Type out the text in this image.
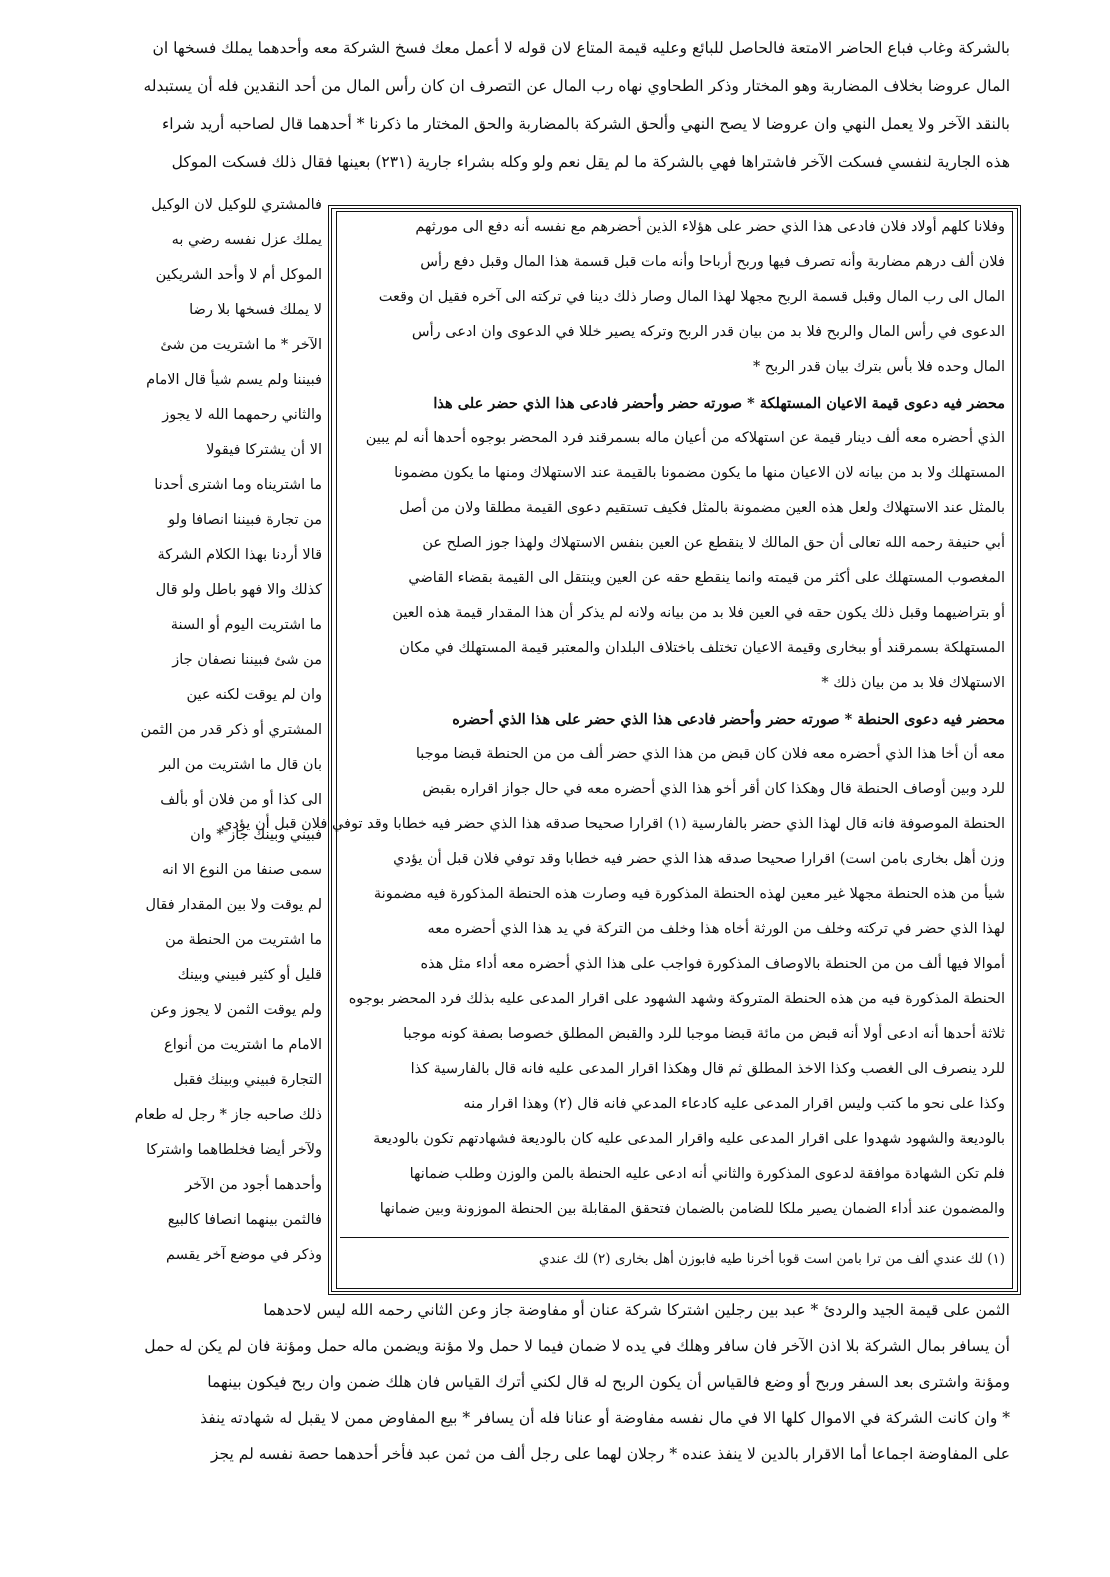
بالشركة وغاب فباع الحاضر الامتعة فالحاصل للبائع وعليه قيمة المتاع لان قوله لا أعمل معك فسخ الشركة معه وأحدهما يملك فسخها ان
المال عروضا بخلاف المضاربة وهو المختار وذكر الطحاوي نهاه رب المال عن التصرف ان كان رأس المال من أحد النقدين فله أن يستبدله
بالنقد الآخر ولا يعمل النهي وان عروضا لا يصح النهي وألحق الشركة بالمضاربة والحق المختار ما ذكرنا * أحدهما قال لصاحبه أريد شراء
هذه الجارية لنفسي فسكت الآخر فاشتراها فهي بالشركة ما لم يقل نعم ولو وكله بشراء جارية (٢٣١) بعينها فقال ذلك فسكت الموكل
وفلانا كلهم أولاد فلان فادعى هذا الذي حضر على هؤلاء الذين أحضرهم مع نفسه أنه دفع الى مورثهم
فلان ألف درهم مضاربة وأنه تصرف فيها وربح أرباحا وأنه مات قبل قسمة هذا المال وقبل دفع رأس
المال الى رب المال وقبل قسمة الربح مجهلا لهذا المال وصار ذلك دينا في تركته الى آخره فقيل ان وقعت
الدعوى في رأس المال والربح فلا بد من بيان قدر الربح وتركه يصير خللا في الدعوى وان ادعى رأس
المال وحده فلا بأس بترك بيان قدر الربح *
محضر فيه دعوى قيمة الاعيان المستهلكة * صورته حضر وأحضر فادعى هذا الذي حضر على هذا
الذي أحضره معه ألف دينار قيمة عن استهلاكه من أعيان ماله بسمرقند فرد المحضر بوجوه أحدها أنه لم يبين
المستهلك ولا بد من بيانه لان الاعيان منها ما يكون مضمونا بالقيمة عند الاستهلاك ومنها ما يكون مضمونا
بالمثل عند الاستهلاك ولعل هذه العين مضمونة بالمثل فكيف تستقيم دعوى القيمة مطلقا ولان من أصل
أبي حنيفة رحمه الله تعالى أن حق المالك لا ينقطع عن العين بنفس الاستهلاك ولهذا جوز الصلح عن
المغصوب المستهلك على أكثر من قيمته وانما ينقطع حقه عن العين وينتقل الى القيمة بقضاء القاضي
أو بتراضيهما وقبل ذلك يكون حقه في العين فلا بد من بيانه ولانه لم يذكر أن هذا المقدار قيمة هذه العين
المستهلكة بسمرقند أو ببخارى وقيمة الاعيان تختلف باختلاف البلدان والمعتبر قيمة المستهلك في مكان
الاستهلاك فلا بد من بيان ذلك *
محضر فيه دعوى الحنطة * صورته حضر وأحضر فادعى هذا الذي حضر على هذا الذي أحضره
معه أن أخا هذا الذي أحضره معه فلان كان قبض من هذا الذي حضر ألف من من الحنطة قبضا موجبا
للرد وبين أوصاف الحنطة قال وهكذا كان أقر أخو هذا الذي أحضره معه في حال جواز اقراره بقبض
الحنطة الموصوفة فانه قال لهذا الذي حضر بالفارسية (١) اقرارا صحيحا صدقه هذا الذي حضر فيه خطابا وقد توفي فلان قبل أن يؤدي
وزن أهل بخارى بامن است) اقرارا صحيحا صدقه هذا الذي حضر فيه خطابا وقد توفي فلان قبل أن يؤدي
شيأ من هذه الحنطة مجهلا غير معين لهذه الحنطة المذكورة فيه وصارت هذه الحنطة المذكورة فيه مضمونة
لهذا الذي حضر في تركته وخلف من الورثة أخاه هذا وخلف من التركة في يد هذا الذي أحضره معه
أموالا فيها ألف من من الحنطة بالاوصاف المذكورة فواجب على هذا الذي أحضره معه أداء مثل هذه
الحنطة المذكورة فيه من هذه الحنطة المتروكة وشهد الشهود على اقرار المدعى عليه بذلك فرد المحضر بوجوه
ثلاثة أحدها أنه ادعى أولا أنه قبض من مائة قبضا موجبا للرد والقبض المطلق خصوصا بصفة كونه موجبا
للرد ينصرف الى الغصب وكذا الاخذ المطلق ثم قال وهكذا اقرار المدعى عليه فانه قال بالفارسية كذا
وكذا على نحو ما كتب وليس اقرار المدعى عليه كادعاء المدعي فانه قال (٢) وهذا اقرار منه
بالوديعة والشهود شهدوا على اقرار المدعى عليه واقرار المدعى عليه كان بالوديعة فشهادتهم تكون بالوديعة
فلم تكن الشهادة موافقة لدعوى المذكورة والثاني أنه ادعى عليه الحنطة بالمن والوزن وطلب ضمانها
والمضمون عند أداء الضمان يصير ملكا للضامن بالضمان فتحقق المقابلة بين الحنطة الموزونة وبين ضمانها
(١) لك عندي ألف من ترا بامن است قوبا أخرنا طيه فابوزن أهل بخارى (٢) لك عندي
فالمشتري للوكيل لان الوكيل
يملك عزل نفسه رضي به
الموكل أم لا وأحد الشريكين
لا يملك فسخها بلا رضا
الآخر * ما اشتريت من شئ
فبيننا ولم يسم شيأ قال الامام
والثاني رحمهما الله لا يجوز
الا أن يشتركا فيقولا
ما اشتريناه وما اشترى أحدنا
من تجارة فبيننا انصافا ولو
قالا أردنا بهذا الكلام الشركة
كذلك والا فهو باطل ولو قال
ما اشتريت اليوم أو السنة
من شئ فبيننا نصفان جاز
وان لم يوقت لكنه عين
المشتري أو ذكر قدر من الثمن
بان قال ما اشتريت من البر
الى كذا أو من فلان أو بألف
فبيني وبينك جاز * وان
سمى صنفا من النوع الا انه
لم يوقت ولا بين المقدار فقال
ما اشتريت من الحنطة من
قليل أو كثير فبيني وبينك
ولم يوقت الثمن لا يجوز وعن
الامام ما اشتريت من أنواع
التجارة فبيني وبينك فقبل
ذلك صاحبه جاز * رجل له طعام
ولآخر أيضا فخلطاهما واشتركا
وأحدهما أجود من الآخر
فالثمن بينهما انصافا كالبيع
وذكر في موضع آخر يقسم
الثمن على قيمة الجيد والردئ * عبد بين رجلين اشتركا شركة عنان أو مفاوضة جاز وعن الثاني رحمه الله ليس لاحدهما
أن يسافر بمال الشركة بلا اذن الآخر فان سافر وهلك في يده لا ضمان فيما لا حمل ولا مؤنة ويضمن ماله حمل ومؤنة فان لم يكن له حمل
ومؤنة واشترى بعد السفر وربح أو وضع فالقياس أن يكون الربح له قال لكني أترك القياس فان هلك ضمن وان ربح فيكون بينهما
* وان كانت الشركة في الاموال كلها الا في مال نفسه مفاوضة أو عنانا فله أن يسافر * بيع المفاوض ممن لا يقبل له شهادته ينفذ
على المفاوضة اجماعا أما الاقرار بالدين لا ينفذ عنده * رجلان لهما على رجل ألف من ثمن عبد فأخر أحدهما حصة نفسه لم يجز
